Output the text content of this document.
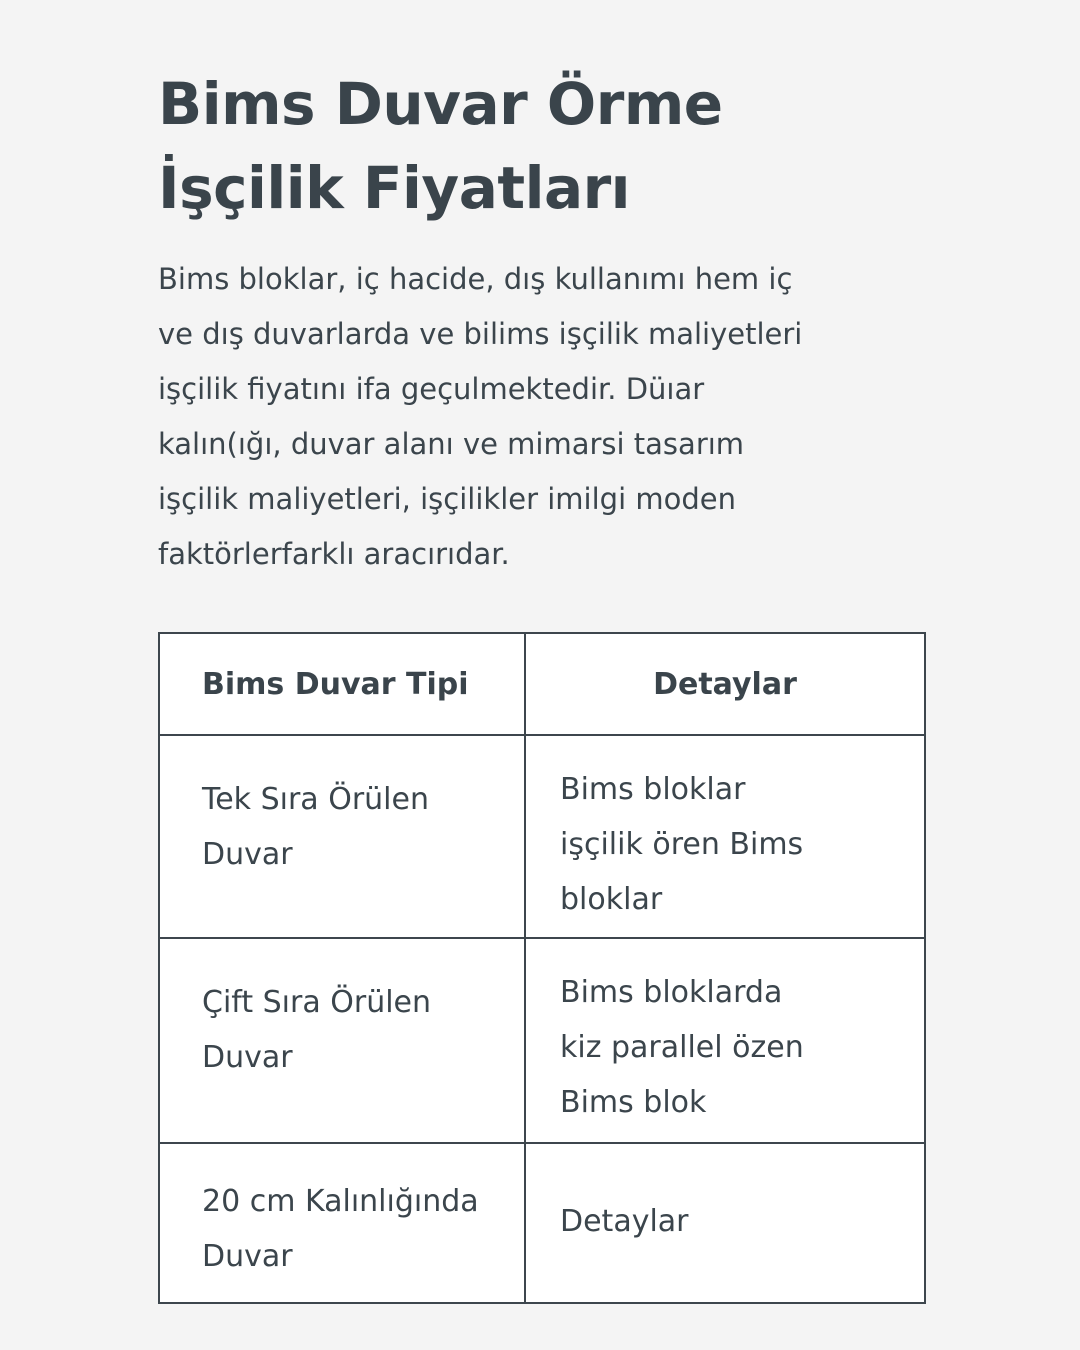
Bims Duvar Örme
İşçilik Fiyatları

Bims bloklar, iç hacide, dış kullanımı hem iç
ve dış duvarlarda ve bilims işçilik maliyetleri
işçilik fiyatını ifa geçulmektedir. Düıar
kalın(ığı, duvar alanı ve mimarsi tasarım
işçilik maliyetleri, işçilikler imilgi moden
faktörlerfarklı aracırıdar.

Bims Duvar Tipi	Detaylar

Tek Sıra Örülen
Duvar	Bims bloklar
işçilik ören Bims
bloklar

Çift Sıra Örülen
Duvar	Bims bloklarda
kiz parallel özen
Bims blok

20 cm Kalınlığında
Duvar	Detaylar
